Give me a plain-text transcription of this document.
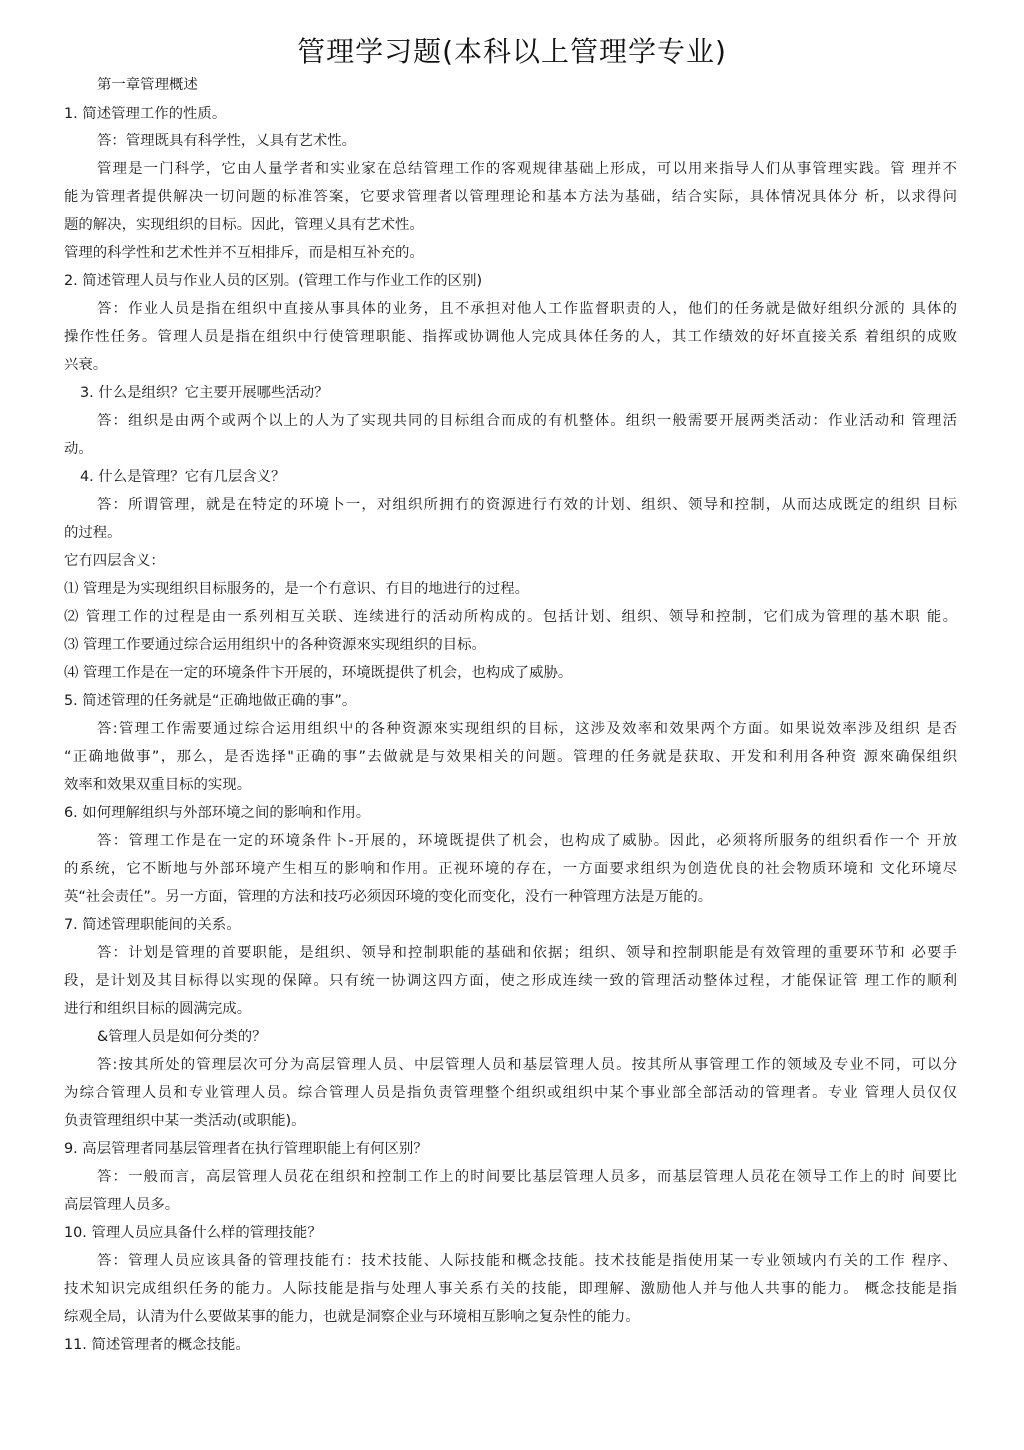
管理学习题(本科以上管理学专业)
第一章管理概述
1. 简述管理工作的性质。
答：管理既具有科学性，乂具有艺术性。
管理是一门科学，它由人量学者和实业家在总结管理工作的客观规律基础上形成，可以用来指导人们从事管理实践。管 理并不
能为管理者提供解决一切问题的标准答案，它要求管理者以管理理论和基本方法为基础，结合实际，具体情况具体分 析，以求得问
题的解决，实现组织的目标。因此，管理乂具有艺术性。
管理的科学性和艺术性并不互相排斥，而是相互补充的。
2. 简述管理人员与作业人员的区别。(管理工作与作业工作的区别)
答：作业人员是指在组织中直接从事具体的业务，且不承担对他人工作监督职责的人，他们的任务就是做好组织分派的 具体的
操作性任务。管理人员是指在组织中行使管理职能、指挥或协调他人完成具体任务的人，其工作绩效的好坏直接关系 着组织的成败
兴衰。
3. 什么是组织？它主要开展哪些活动？
答：组织是由两个或两个以上的人为了实现共同的目标组合而成的有机整体。组织一般需要开展两类活动：作业活动和 管理活
动。
4. 什么是管理？它有几层含义？
答：所谓管理，就是在特定的环境卜一，对组织所拥冇的资源进行冇效的计划、组织、领导和控制，从而达成既定的组织 目标
的过程。
它冇四层含义：
⑴ 管理是为实现组织目标服务的，是一个冇意识、冇目的地进行的过程。
⑵ 管理工作的过程是由一系列相互关联、连续进行的活动所构成的。包括计划、组织、领导和控制，它们成为管理的基木职 能。
⑶ 管理工作要通过综合运用组织屮的各种资源來实现组织的目标。
⑷ 管理工作是在一定的环境条件卞开展的，环境既提供了机会，也构成了威胁。
5. 简述管理的任务就是“正确地做正确的事”。
答:管理工作需要通过综合运用组织屮的各种资源來实现组织的目标，这涉及效率和效果两个方面。如果说效率涉及组织 是否
“正确地做事”，那么，是否选择"正确的事”去做就是与效果相关的问题。管理的任务就是获取、开发和利用各种资 源來确保组织
效率和效果双重目标的实现。
6. 如何理解组织与外部环境之间的影响和作用。
答：管理工作是在一定的环境条件卜-开展的，环境既提供了机会，也构成了威胁。因此，必须将所服务的组织看作一个 开放
的系统，它不断地与外部环境产生相互的影响和作用。正视环境的存在，一方面要求组织为创造优良的社会物质环境和 文化环境尽
英“社会责任”。另一方面，管理的方法和技巧必须因环境的变化而变化，没冇一种管理方法是万能的。
7. 简述管理职能间的关系。
答：计划是管理的首要职能，是组织、领导和控制职能的基础和依据；组织、领导和控制职能是有效管理的重要环节和 必要手
段，是计划及其目标得以实现的保障。只有统一协调这四方面，使之形成连续一致的管理活动整体过程，才能保证管 理工作的顺利
进行和组织目标的圆满完成。
&管理人员是如何分类的？
答:按其所处的管理层次可分为高层管理人员、中层管理人员和基层管理人员。按其所从事管理工作的领域及专业不同，可以分
为综合管理人员和专业管理人员。综合管理人员是指负责管理整个组织或组织中某个事业部全部活动的管理者。专业 管理人员仅仅
负责管理组织中某一类活动(或职能)。
9. 高层管理者同基层管理者在执行管理职能上有何区别？
答：一般而言，高层管理人员花在组织和控制工作上的时间要比基层管理人员多，而基层管理人员花在领导工作上的时 间要比
高层管理人员多。
10. 管理人员应具备什么样的管理技能？
答：管理人员应该具备的管理技能冇：技术技能、人际技能和概念技能。技术技能是指使用某一专业领域内冇关的工作 程序、
技术知识完成组织任务的能力。人际技能是指与处理人事关系冇关的技能，即理解、激励他人并与他人共事的能力。 概念技能是指
综观全局，认清为什么要做某事的能力，也就是洞察企业与环境相互影响之复杂性的能力。
11. 简述管理者的概念技能。
